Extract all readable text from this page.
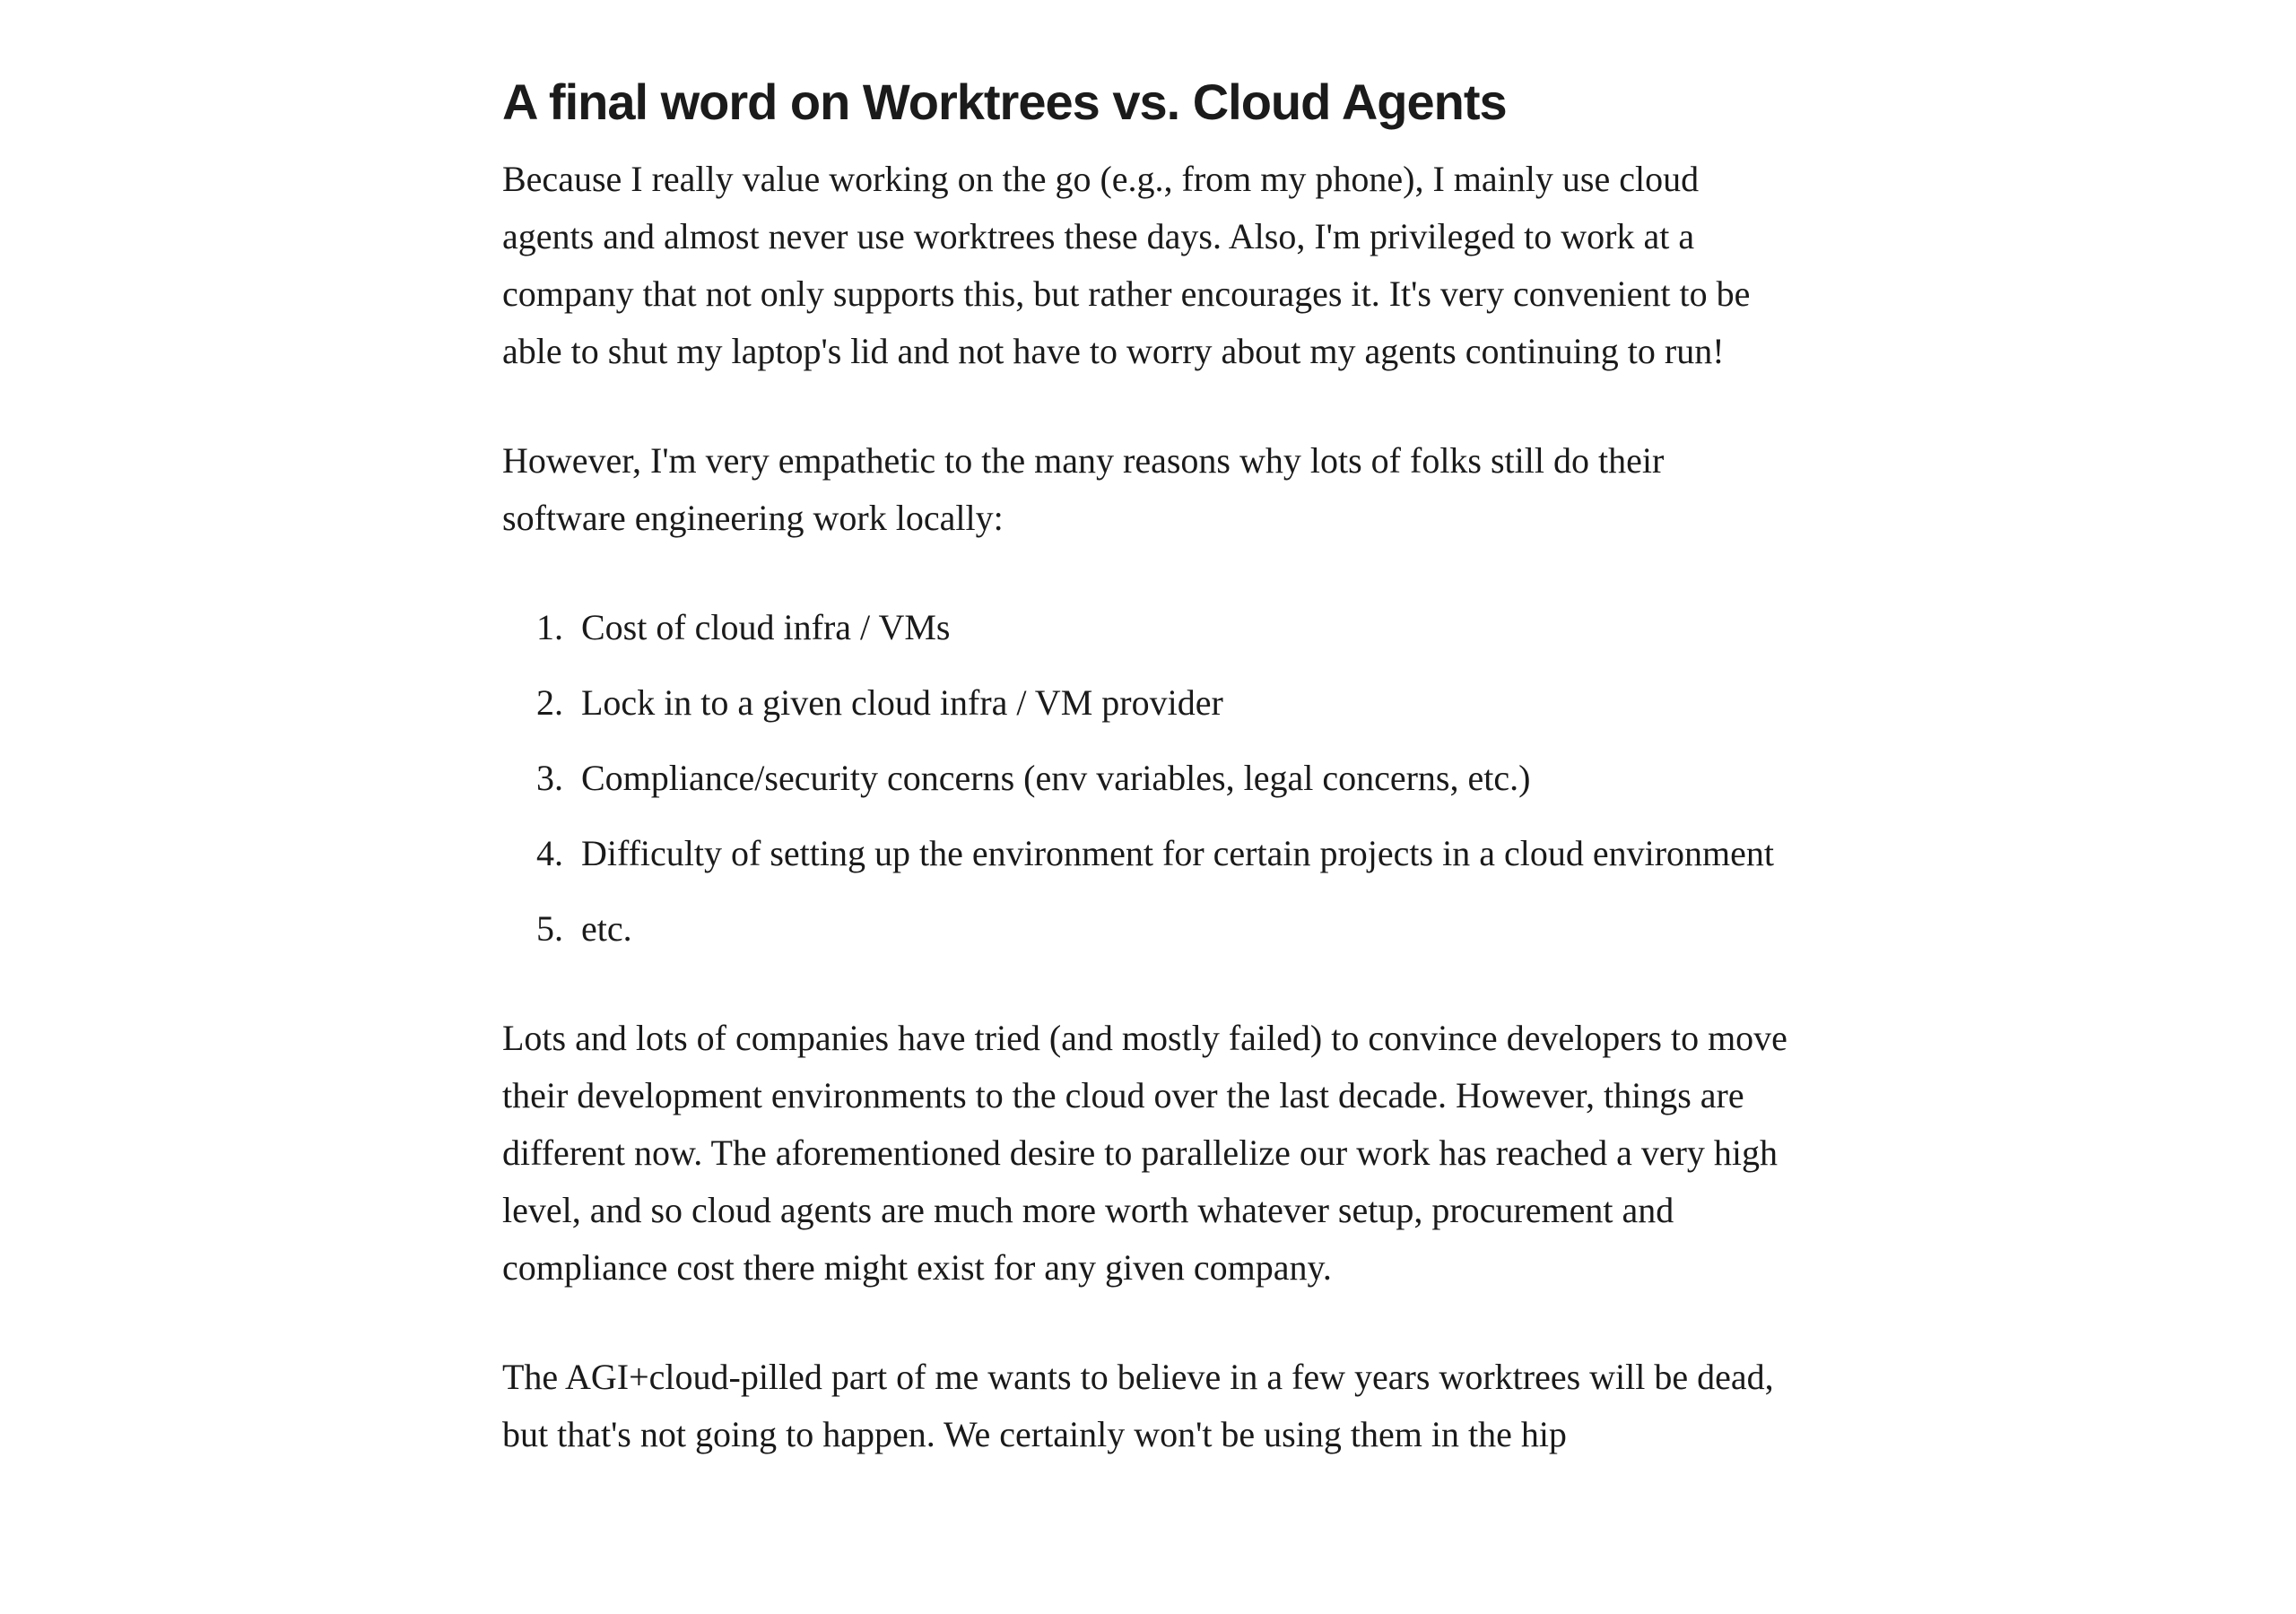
A final word on Worktrees vs. Cloud Agents

Because I really value working on the go (e.g., from my phone), I mainly use cloud agents and almost never use worktrees these days. Also, I'm privileged to work at a company that not only supports this, but rather encourages it. It's very convenient to be able to shut my laptop's lid and not have to worry about my agents continuing to run!

However, I'm very empathetic to the many reasons why lots of folks still do their software engineering work locally:

1. Cost of cloud infra / VMs
2. Lock in to a given cloud infra / VM provider
3. Compliance/security concerns (env variables, legal concerns, etc.)
4. Difficulty of setting up the environment for certain projects in a cloud environment
5. etc.

Lots and lots of companies have tried (and mostly failed) to convince developers to move their development environments to the cloud over the last decade. However, things are different now. The aforementioned desire to parallelize our work has reached a very high level, and so cloud agents are much more worth whatever setup, procurement and compliance cost there might exist for any given company.

The AGI+cloud-pilled part of me wants to believe in a few years worktrees will be dead, but that's not going to happen. We certainly won't be using them in the hip
